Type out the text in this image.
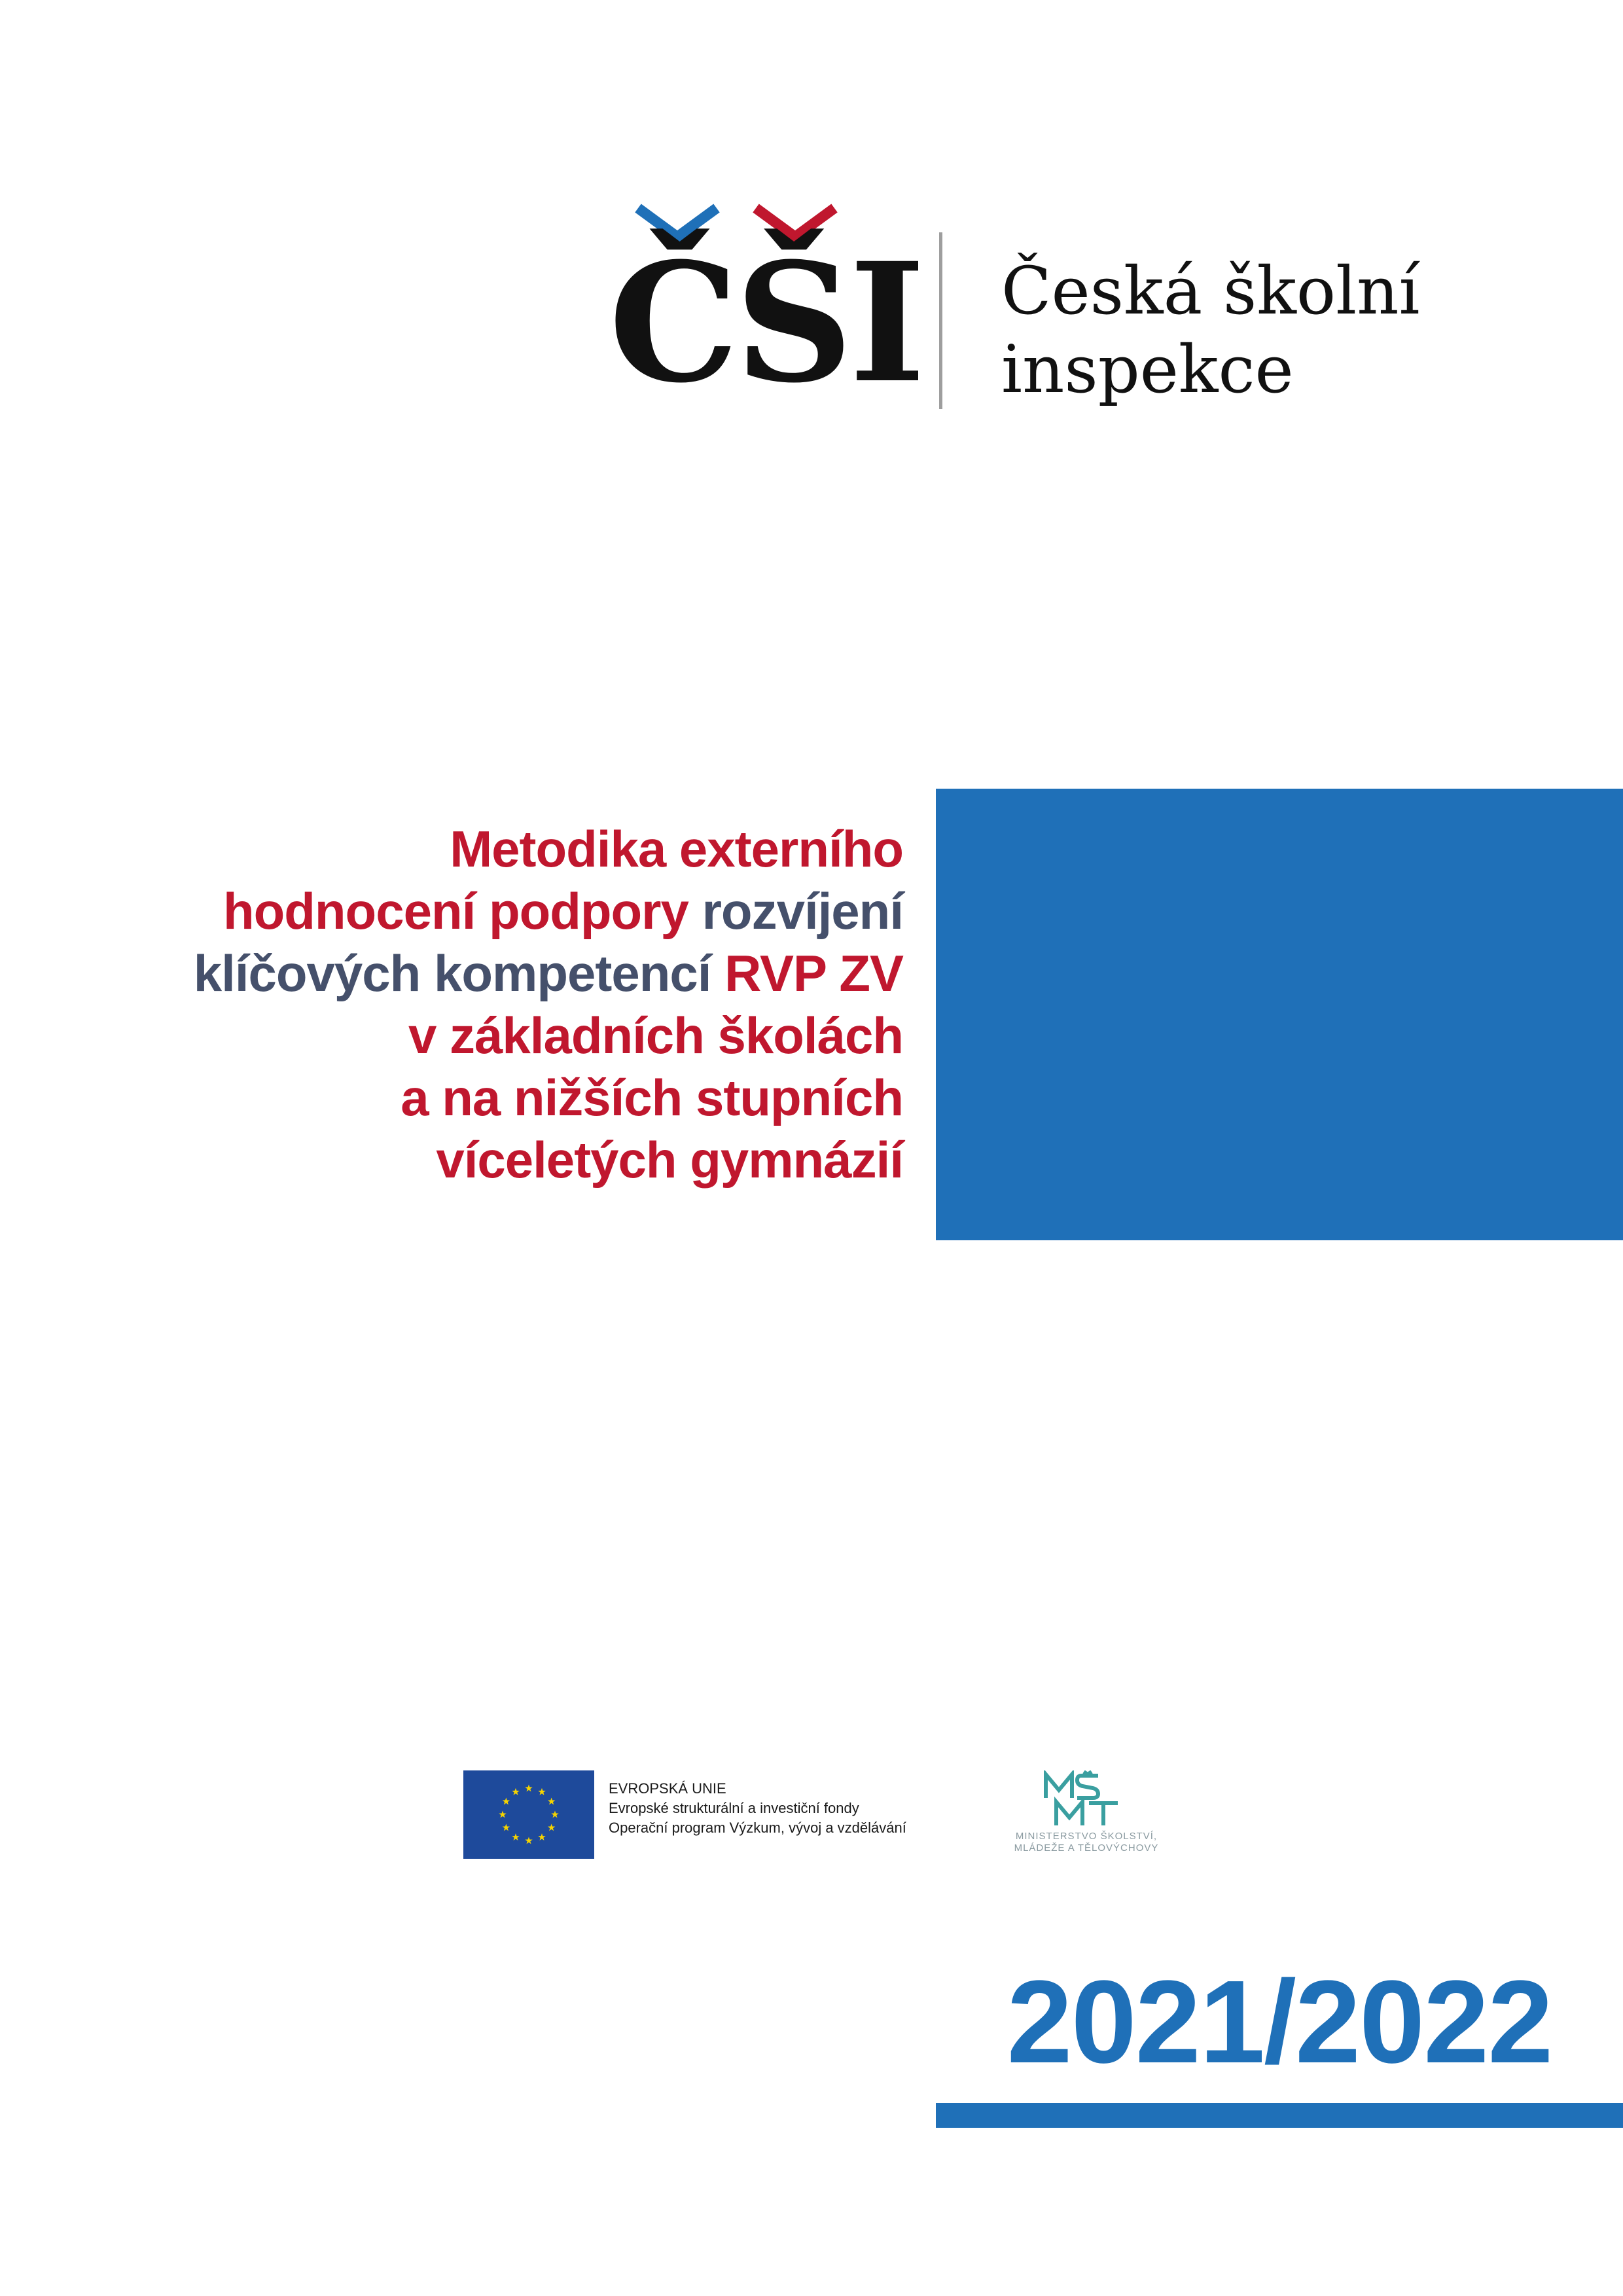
ČŠI Česká školní
inspekce
Metodika externího
hodnocení podpory rozvíjení
klíčových kompetencí RVP ZV
v základních školách
a na nižších stupních
víceletých gymnázií
EVROPSKÁ UNIE
Evropské strukturální a investiční fondy
Operační program Výzkum, vývoj a vzdělávání
MINISTERSTVO ŠKOLSTVÍ,
MLÁDEŽE A TĚLOVÝCHOVY
2021/2022
